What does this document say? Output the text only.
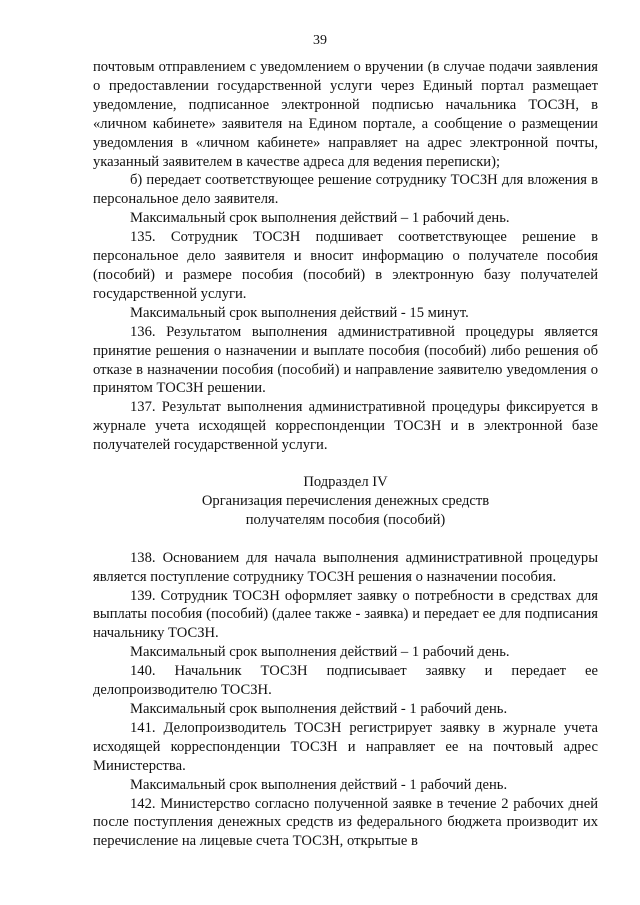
39

почтовым отправлением с уведомлением о вручении (в случае подачи заявления о предоставлении государственной услуги через Единый портал размещает уведомление, подписанное электронной подписью начальника ТОСЗН, в «личном кабинете» заявителя на Едином портале, а сообщение о размещении уведомления в «личном кабинете» направляет на адрес электронной почты, указанный заявителем в качестве адреса для ведения переписки);

б) передает соответствующее решение сотруднику ТОСЗН для вложения в персональное дело заявителя.

Максимальный срок выполнения действий – 1 рабочий день.

135. Сотрудник ТОСЗН подшивает соответствующее решение в персональное дело заявителя и вносит информацию о получателе пособия (пособий) и размере пособия (пособий) в электронную базу получателей государственной услуги.

Максимальный срок выполнения действий - 15 минут.

136. Результатом выполнения административной процедуры является принятие решения о назначении и выплате пособия (пособий) либо решения об отказе в назначении пособия (пособий) и направление заявителю уведомления о принятом ТОСЗН решении.

137. Результат выполнения административной процедуры фиксируется в журнале учета исходящей корреспонденции ТОСЗН и в электронной базе получателей государственной услуги.

Подраздел IV

Организация перечисления денежных средств

получателям пособия (пособий)

138. Основанием для начала выполнения административной процедуры является поступление сотруднику ТОСЗН решения о назначении пособия.

139. Сотрудник ТОСЗН оформляет заявку о потребности в средствах для выплаты пособия (пособий) (далее также - заявка) и передает ее для подписания начальнику ТОСЗН.

Максимальный срок выполнения действий – 1 рабочий день.

140. Начальник ТОСЗН подписывает заявку и передает ее делопроизводителю ТОСЗН.

Максимальный срок выполнения действий - 1 рабочий день.

141. Делопроизводитель ТОСЗН регистрирует заявку в журнале учета исходящей корреспонденции ТОСЗН и направляет ее на почтовый адрес Министерства.

Максимальный срок выполнения действий - 1 рабочий день.

142. Министерство согласно полученной заявке в течение 2 рабочих дней после поступления денежных средств из федерального бюджета производит их перечисление на лицевые счета ТОСЗН, открытые в
